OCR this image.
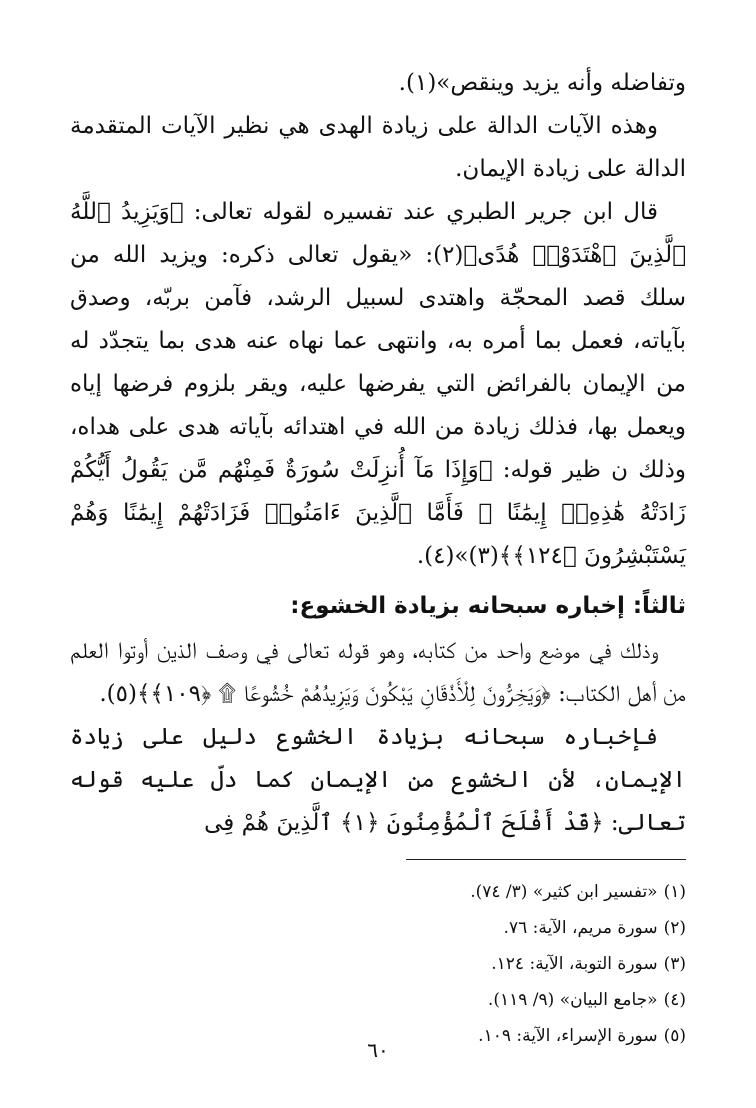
وتفاضله وأنه يزيد وينقص»(١).

وهذه الآيات الدالة على زيادة الهدى هي نظير الآيات المتقدمة الدالة على زيادة الإيمان.

قال ابن جرير الطبري عند تفسيره لقوله تعالى: ﴿وَيَزِيدُ ٱللَّهُ ٱلَّذِينَ ٱهْتَدَوْا۟ هُدًى﴾(٢): «يقول تعالى ذكره: ويزيد الله من سلك قصد المحجّة واهتدى لسبيل الرشد، فآمن بربّه، وصدق بآياته، فعمل بما أمره به، وانتهى عما نهاه عنه هدى بما يتجدّد له من الإيمان بالفرائض التي يفرضها عليه، ويقر بلزوم فرضها إياه ويعمل بها، فذلك زيادة من الله في اهتدائه بآياته هدى على هداه، وذلك ن ظير قوله: ﴿وَإِذَا مَآ أُنزِلَتْ سُورَةٌ فَمِنْهُم مَّن يَقُولُ أَيُّكُمْ زَادَتْهُ هَٰذِهِۦٓ إِيمَٰنًا ۚ فَأَمَّا ٱلَّذِينَ ءَامَنُوا۟ فَزَادَتْهُمْ إِيمَٰنًا وَهُمْ يَسْتَبْشِرُونَ ﴿١٢٤﴾﴾(٣)»(٤).

ثالثاً: إخباره سبحانه بزيادة الخشوع:

وذلك في موضع واحد من كتابه، وهو قوله تعالى في وصف الذين أوتوا العلم من أهل الكتاب: ﴿وَيَخِرُّونَ لِلْأَذْقَانِ يَبْكُونَ وَيَزِيدُهُمْ خُشُوعًا ۩ ﴿١٠٩﴾﴾(٥).

فإخباره سبحانه بزيادة الخشوع دليل على زيادة الإيمان، لأن الخشوع من الإيمان كما دلّ عليه قوله تعالى: ﴿قَدْ أَفْلَحَ ٱلْمُؤْمِنُونَ ﴿١﴾ ٱلَّذِينَ هُمْ فِى

(١)«تفسير ابن كثير» (٣/ ٧٤).
(٢)سورة مريم، الآية: ٧٦.
(٣)سورة التوبة، الآية: ١٢٤.
(٤)«جامع البيان» (٩/ ١١٩).
(٥)سورة الإسراء، الآية: ١٠٩.
٦٠
